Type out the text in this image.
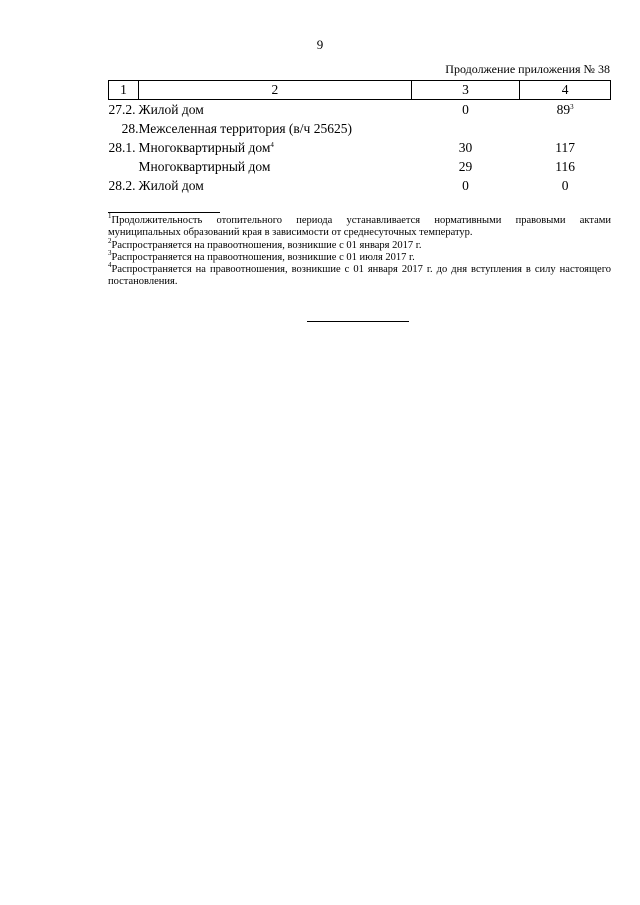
9
Продолжение приложения № 38
1	2	3	4
27.2.	Жилой дом	0	$89^3$
28.	Межселенная территория (в/ч 25625)		
28.1.	Многоквартирный дом$^4$	30	117
	Многоквартирный дом	29	116
28.2.	Жилой дом	0	0
$^1$Продолжительность отопительного периода устанавливается нормативными правовыми актами муниципальных образований края в зависимости от среднесуточных температур.
$^2$Распространяется на правоотношения, возникшие с 01 января 2017 г.
$^3$Распространяется на правоотношения, возникшие с 01 июля 2017 г.
$^4$Распространяется на правоотношения, возникшие с 01 января 2017 г. до дня вступления в силу настоящего постановления.
